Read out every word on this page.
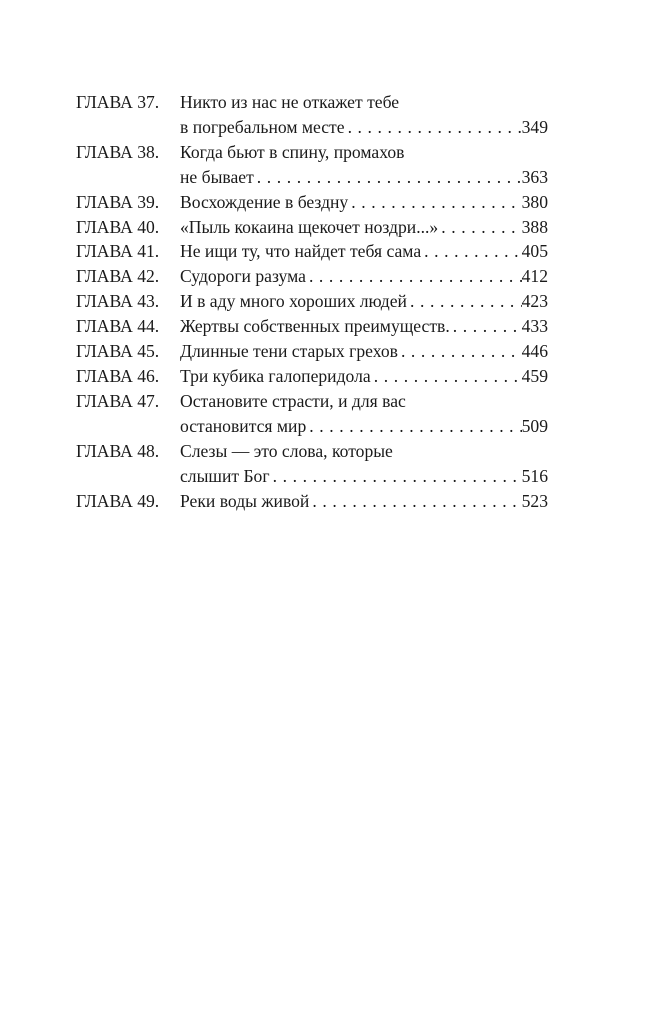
ГЛАВА 37.	Никто из нас не откажет тебе
в погребальном месте . . .	349
ГЛАВА 38.	Когда бьют в спину, промахов
не бывает . . .	363
ГЛАВА 39.	Восхождение в бездну . . .	380
ГЛАВА 40.	«Пыль кокаина щекочет ноздри...» . . .	388
ГЛАВА 41.	Не ищи ту, что найдет тебя сама . . .	405
ГЛАВА 42.	Судороги разума . . .	412
ГЛАВА 43.	И в аду много хороших людей . . .	423
ГЛАВА 44.	Жертвы собственных преимуществ. . . .	433
ГЛАВА 45.	Длинные тени старых грехов . . .	446
ГЛАВА 46.	Три кубика галоперидола . . .	459
ГЛАВА 47.	Остановите страсти, и для вас
остановится мир . . .	509
ГЛАВА 48.	Слезы — это слова, которые
слышит Бог . . .	516
ГЛАВА 49.	Реки воды живой . . .	523
